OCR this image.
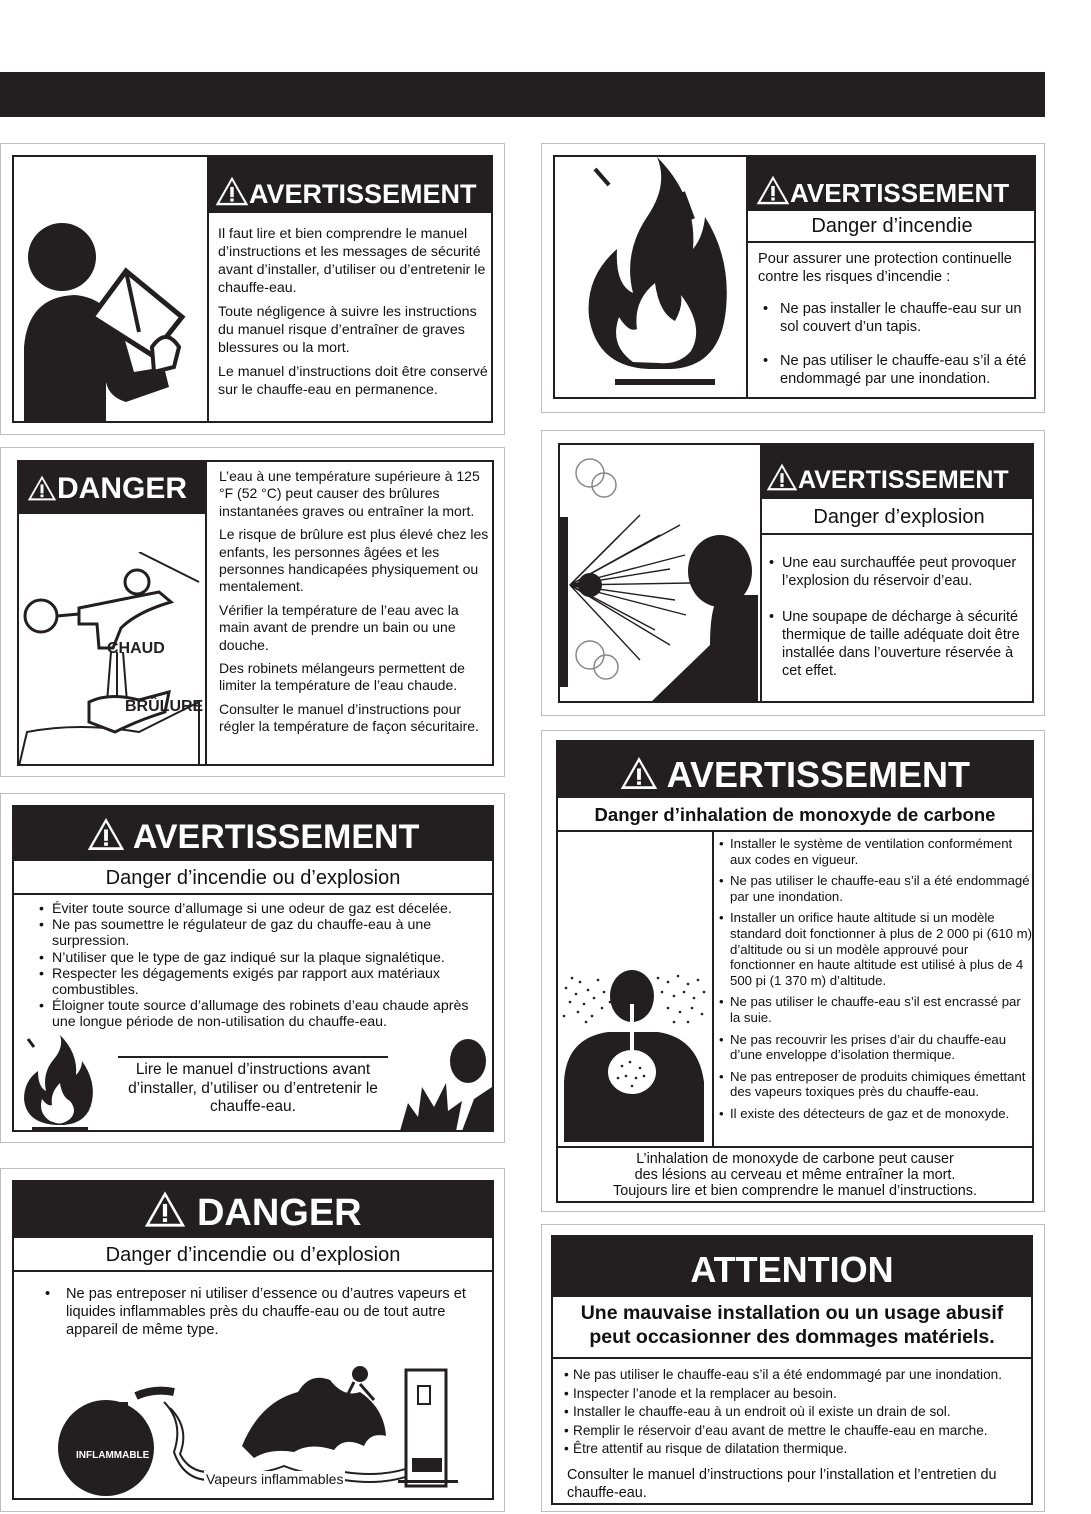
AVERTISSEMENT

Il faut lire et bien comprendre le manuel d’instructions et les messages de sécurité avant d’installer, d’utiliser ou d’entretenir le chauffe-eau.

Toute négligence à suivre les instructions du manuel risque d’entraîner de graves blessures ou la mort.

Le manuel d’instructions doit être conservé sur le chauffe-eau en permanence.

AVERTISSEMENT
Danger d’incendie

Pour assurer une protection continuelle contre les risques d’incendie :

• Ne pas installer le chauffe-eau sur un sol couvert d’un tapis.
• Ne pas utiliser le chauffe-eau s’il a été endommagé par une inondation.
DANGER
CHAUD
BRÛLURE

L’eau à une température supérieure à 125 °F (52 °C) peut causer des brûlures instantanées graves ou entraîner la mort.

Le risque de brûlure est plus élevé chez les enfants, les personnes âgées et les personnes handicapées physiquement ou mentalement.

Vérifier la température de l’eau avec la main avant de prendre un bain ou une douche.

Des robinets mélangeurs permettent de limiter la température de l’eau chaude.

Consulter le manuel d’instructions pour régler la température de façon sécuritaire.

AVERTISSEMENT
Danger d’explosion
• Une eau surchauffée peut provoquer l’explosion du réservoir d’eau.
• Une soupape de décharge à sécurité thermique de taille adéquate doit être installée dans l’ouverture réservée à cet effet.
AVERTISSEMENT
Danger d’incendie ou d’explosion
• Éviter toute source d’allumage si une odeur de gaz est décelée.
• Ne pas soumettre le régulateur de gaz du chauffe-eau à une surpression.
• N’utiliser que le type de gaz indiqué sur la plaque signalétique.
• Respecter les dégagements exigés par rapport aux matériaux combustibles.
• Éloigner toute source d’allumage des robinets d’eau chaude après une longue période de non-utilisation du chauffe-eau.
Lire le manuel d’instructions avant d’installer, d’utiliser ou d’entretenir le chauffe-eau.
AVERTISSEMENT
Danger d’inhalation de monoxyde de carbone
• Installer le système de ventilation conformément aux codes en vigueur.
• Ne pas utiliser le chauffe-eau s’il a été endommagé par une inondation.
• Installer un orifice haute altitude si un modèle standard doit fonctionner à plus de 2 000 pi (610 m) d’altitude ou si un modèle approuvé pour fonctionner en haute altitude est utilisé à plus de 4 500 pi (1 370 m) d’altitude.
• Ne pas utiliser le chauffe-eau s’il est encrassé par la suie.
• Ne pas recouvrir les prises d’air du chauffe-eau d’une enveloppe d’isolation thermique.
• Ne pas entreposer de produits chimiques émettant des vapeurs toxiques près du chauffe-eau.
• Il existe des détecteurs de gaz et de monoxyde.
L’inhalation de monoxyde de carbone peut causer
des lésions au cerveau et même entraîner la mort.
Toujours lire et bien comprendre le manuel d’instructions.
DANGER
Danger d’incendie ou d’explosion
• Ne pas entreposer ni utiliser d’essence ou d’autres vapeurs et liquides inflammables près du chauffe-eau ou de tout autre appareil de même type.
INFLAMMABLE
Vapeurs inflammables
ATTENTION
Une mauvaise installation ou un usage abusif
peut occasionner des dommages matériels.
• Ne pas utiliser le chauffe-eau s’il a été endommagé par une inondation.
• Inspecter l’anode et la remplacer au besoin.
• Installer le chauffe-eau à un endroit où il existe un drain de sol.
• Remplir le réservoir d’eau avant de mettre le chauffe-eau en marche.
• Être attentif au risque de dilatation thermique.
Consulter le manuel d’instructions pour l’installation et l’entretien du chauffe-eau.
